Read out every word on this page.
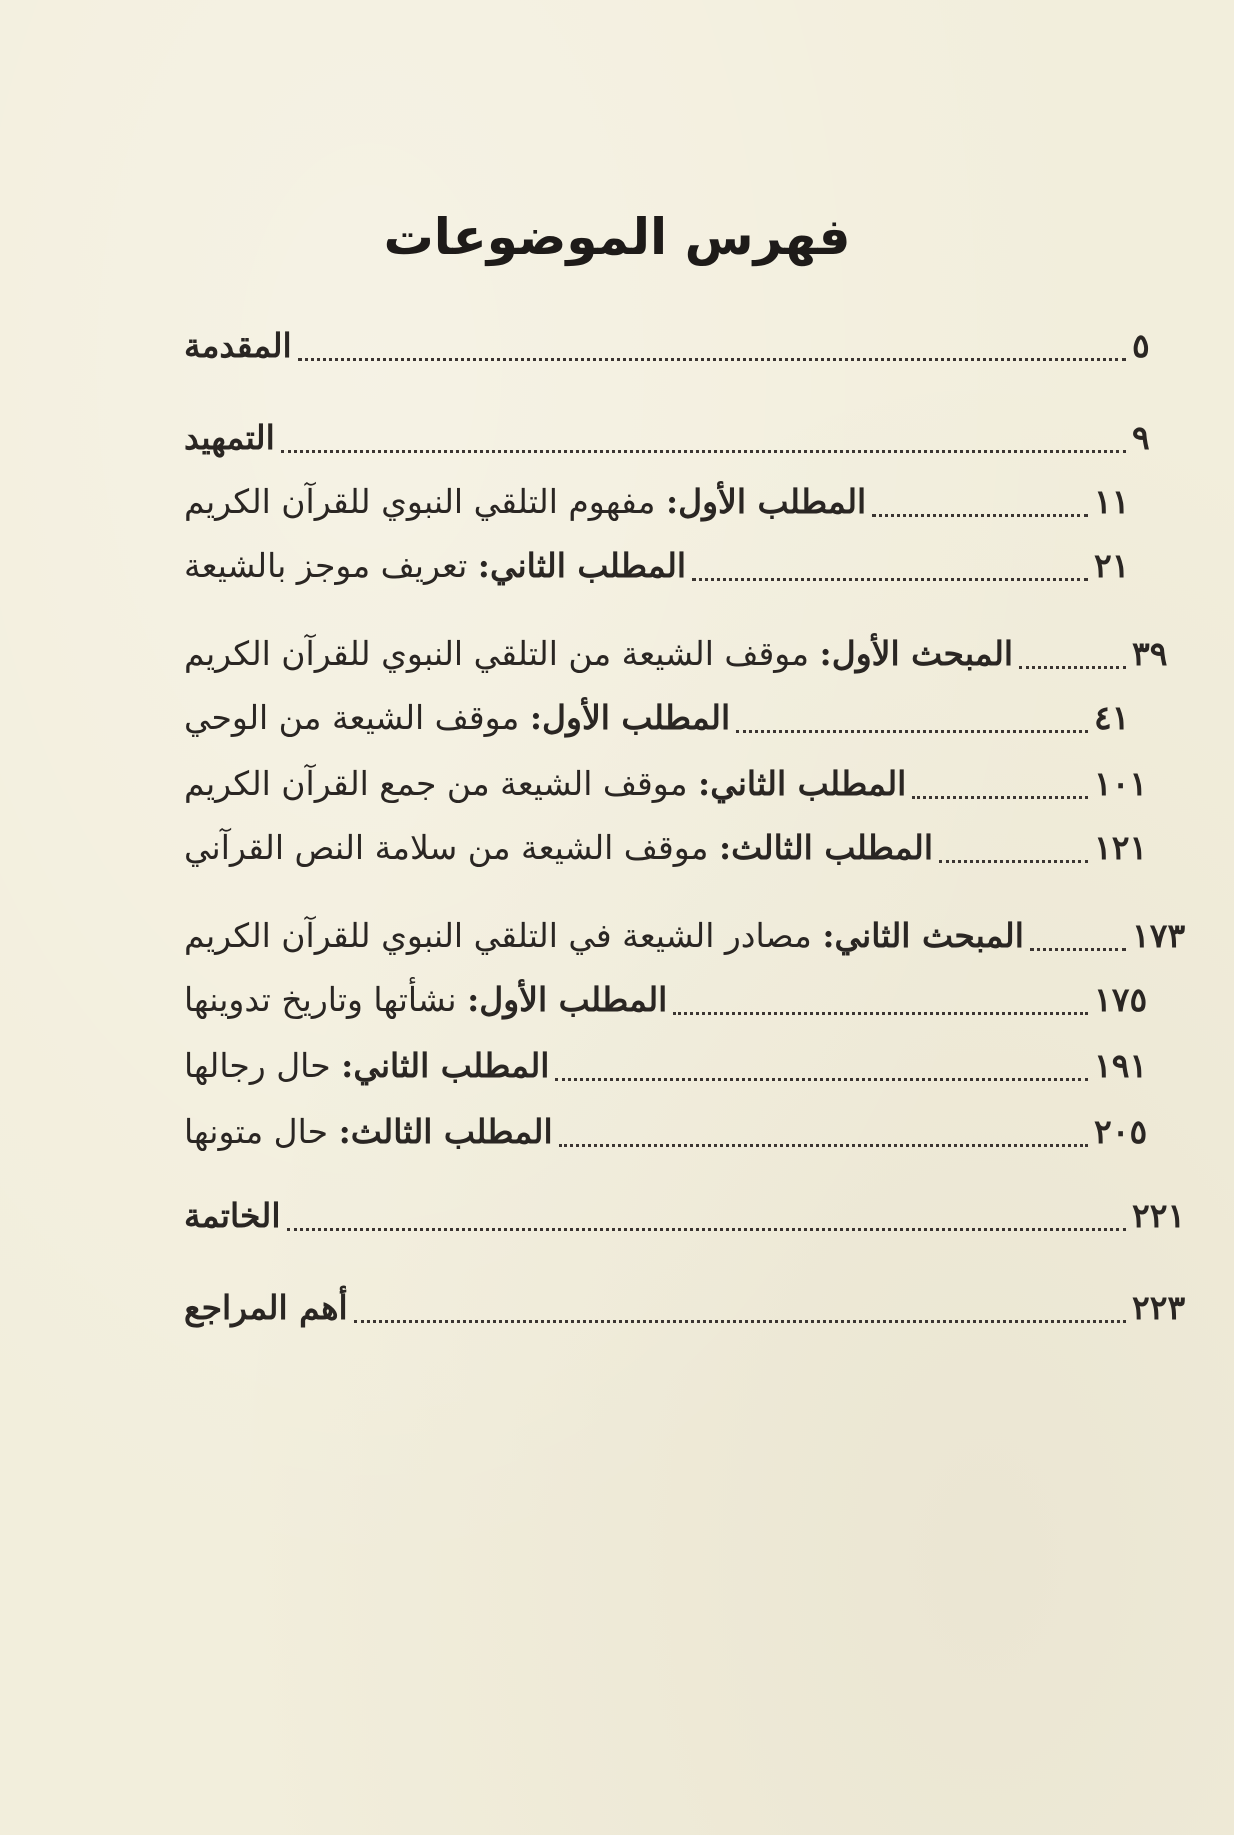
فهرس الموضوعات
المقدمة	٥
التمهيد	٩
المطلب الأول: مفهوم التلقي النبوي للقرآن الكريم	١١
المطلب الثاني: تعريف موجز بالشيعة	٢١
المبحث الأول: موقف الشيعة من التلقي النبوي للقرآن الكريم	٣٩
المطلب الأول: موقف الشيعة من الوحي	٤١
المطلب الثاني: موقف الشيعة من جمع القرآن الكريم	١٠١
المطلب الثالث: موقف الشيعة من سلامة النص القرآني	١٢١
المبحث الثاني: مصادر الشيعة في التلقي النبوي للقرآن الكريم	١٧٣
المطلب الأول: نشأتها وتاريخ تدوينها	١٧٥
المطلب الثاني: حال رجالها	١٩١
المطلب الثالث: حال متونها	٢٠٥
الخاتمة	٢٢١
أهم المراجع	٢٢٣
